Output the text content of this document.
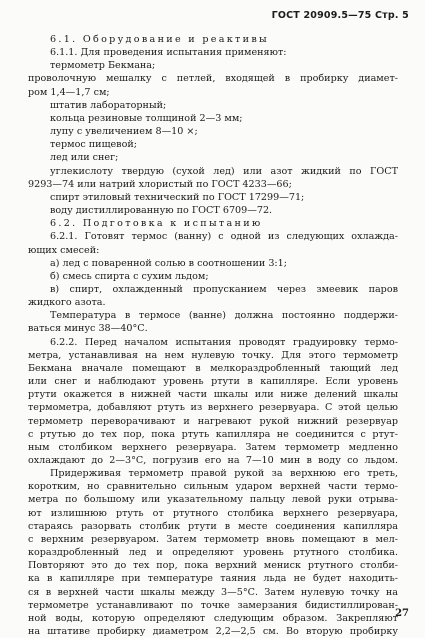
ГОСТ 20909.5—75 Стр. 5

6.1. Оборудование и реактивы

6.1.1. Для проведения испытания применяют:

термометр Бекмана;

проволочную мешалку с петлей, входящей в пробирку диамет-

ром 1,4—1,7 см;

штатив лабораторный;

кольца резиновые толщиной 2—3 мм;

лупу с увеличением 8—10 ×;

термос пищевой;

лед или снег;

углекислоту твердую (сухой лед) или азот жидкий по ГОСТ

9293—74 или натрий хлористый по ГОСТ 4233—66;

спирт этиловый технический по ГОСТ 17299—71;

воду дистиллированную по ГОСТ 6709—72.

6.2. Подготовка к испытанию

6.2.1. Готовят термос (ванну) с одной из следующих охлажда-

ющих смесей:

а) лед с поваренной солью в соотношении 3:1;

б) смесь спирта с сухим льдом;

в) спирт, охлажденный пропусканием через змеевик паров

жидкого азота.

Температура в термосе (ванне) должна постоянно поддержи-

ваться минус 38—40°С.

6.2.2. Перед началом испытания проводят градуировку термо-

метра, устанавливая на нем нулевую точку. Для этого термометр

Бекмана вначале помещают в мелкораздробленный тающий лед

или снег и наблюдают уровень ртути в капилляре. Если уровень

ртути окажется в нижней части шкалы или ниже делений шкалы

термометра, добавляют ртуть из верхнего резервуара. С этой целью

термометр переворачивают и нагревают рукой нижний резервуар

с ртутью до тех пор, пока ртуть капилляра не соединится с ртут-

ным столбиком верхнего резервуара. Затем термометр медленно

охлаждают до 2—3°С, погрузив его на 7—10 мин в воду со льдом.

Придерживая термометр правой рукой за верхнюю его треть,

коротким, но сравнительно сильным ударом верхней части термо-

метра по большому или указательному пальцу левой руки отрыва-

ют излишнюю ртуть от ртутного столбика верхнего резервуара,

стараясь разорвать столбик ртути в месте соединения капилляра

с верхним резервуаром. Затем термометр вновь помещают в мел-

кораздробленный лед и определяют уровень ртутного столбика.

Повторяют это до тех пор, пока верхний мениск ртутного столби-

ка в капилляре при температуре таяния льда не будет находить-

ся в верхней части шкалы между 3—5°С. Затем нулевую точку на

термометре устанавливают по точке замерзания бидистиллирован-

ной воды, которую определяют следующим образом. Закрепляют

на штативе пробирку диаметром 2,2—2,5 см. Во вторую пробирку

27
